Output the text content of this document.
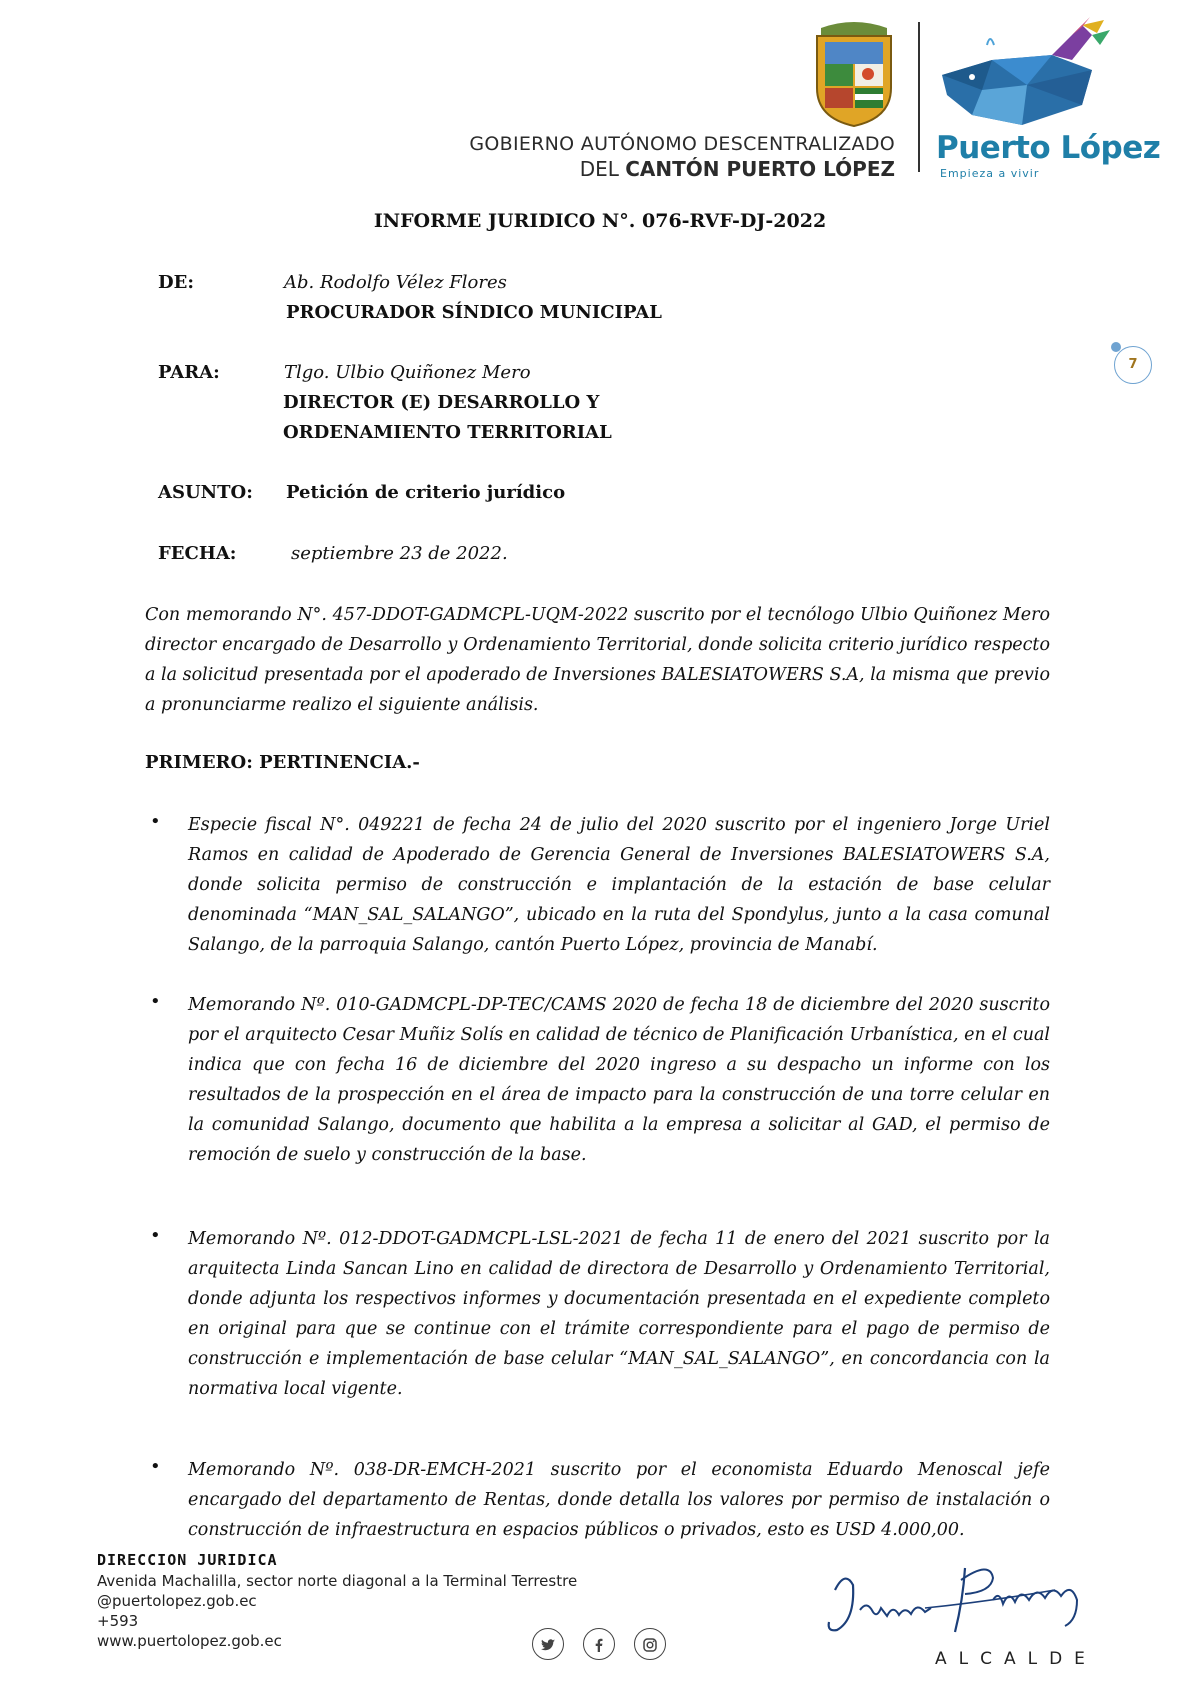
GOBIERNO AUTÓNOMO DESCENTRALIZADO
DEL CANTÓN PUERTO LÓPEZ
Puerto López
Empieza a vivir
7
INFORME JURIDICO N°. 076-RVF-DJ-2022
DE:	Ab. Rodolfo Vélez Flores
PROCURADOR SÍNDICO MUNICIPAL
PARA:	Tlgo. Ulbio Quiñonez Mero
DIRECTOR (E) DESARROLLO Y
ORDENAMIENTO TERRITORIAL
ASUNTO: Petición de criterio jurídico
FECHA:	septiembre 23 de 2022.
Con memorando N°. 457-DDOT-GADMCPL-UQM-2022 suscrito por el tecnólogo Ulbio Quiñonez Mero director encargado de Desarrollo y Ordenamiento Territorial, donde solicita criterio jurídico respecto a la solicitud presentada por el apoderado de Inversiones BALESIATOWERS S.A, la misma que previo a pronunciarme realizo el siguiente análisis.
PRIMERO: PERTINENCIA.-
• Especie fiscal N°. 049221 de fecha 24 de julio del 2020 suscrito por el ingeniero Jorge Uriel Ramos en calidad de Apoderado de Gerencia General de Inversiones BALESIATOWERS S.A, donde solicita permiso de construcción e implantación de la estación de base celular denominada “MAN_SAL_SALANGO”, ubicado en la ruta del Spondylus, junto a la casa comunal Salango, de la parroquia Salango, cantón Puerto López, provincia de Manabí.
• Memorando Nº. 010-GADMCPL-DP-TEC/CAMS 2020 de fecha 18 de diciembre del 2020 suscrito por el arquitecto Cesar Muñiz Solís en calidad de técnico de Planificación Urbanística, en el cual indica que con fecha 16 de diciembre del 2020 ingreso a su despacho un informe con los resultados de la prospección en el área de impacto para la construcción de una torre celular en la comunidad Salango, documento que habilita a la empresa a solicitar al GAD, el permiso de remoción de suelo y construcción de la base.
• Memorando Nº. 012-DDOT-GADMCPL-LSL-2021 de fecha 11 de enero del 2021 suscrito por la arquitecta Linda Sancan Lino en calidad de directora de Desarrollo y Ordenamiento Territorial, donde adjunta los respectivos informes y documentación presentada en el expediente completo en original para que se continue con el trámite correspondiente para el pago de permiso de construcción e implementación de base celular “MAN_SAL_SALANGO”, en concordancia con la normativa local vigente.
• Memorando Nº. 038-DR-EMCH-2021 suscrito por el economista Eduardo Menoscal jefe encargado del departamento de Rentas, donde detalla los valores por permiso de instalación o construcción de infraestructura en espacios públicos o privados, esto es USD 4.000,00.
DIRECCION JURIDICA
Avenida Machalilla, sector norte diagonal a la Terminal Terrestre
@puertolopez.gob.ec
+593
www.puertolopez.gob.ec
ALCALDE
